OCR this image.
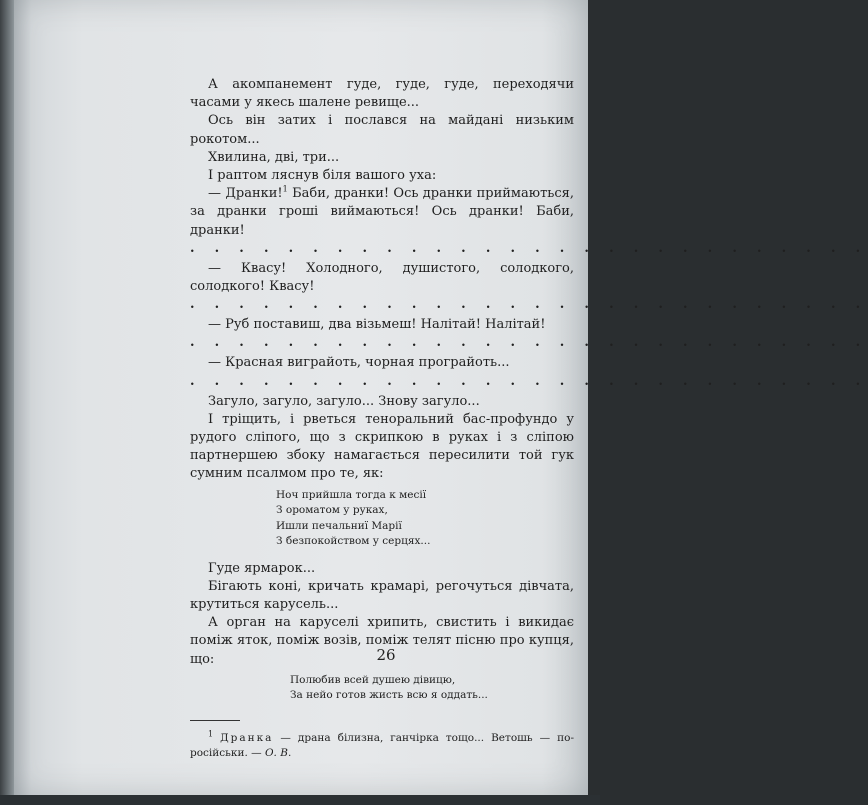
А акомпанемент гуде, гуде, гуде, переходячи часами у якесь шалене ревище...

Ось він затих і послався на майдані низьким рокотом...

Хвилина, дві, три...

І раптом ляснув біля вашого уха:

— Дранки!$^1$ Баби, дранки! Ось дранки приймаються, за дранки гроші виймаються! Ось дранки! Баби, дранки!

. . . . . . . . . . . . . . . . . . . . . . . . . . . .

— Квасу! Холодного, душистого, солодкого, солодкого! Квасу!

. . . . . . . . . . . . . . . . . . . . . . . . . . . .

— Руб поставиш, два візьмеш! Налітай! Налітай!

. . . . . . . . . . . . . . . . . . . . . . . . . . . .

— Красная виграйоть, чорная програйоть...

. . . . . . . . . . . . . . . . . . . . . . . . . . . .

Загуло, загуло, загуло... Знову загуло...

І тріщить, і рветься теноральний бас-профундо у рудого сліпого, що з скрипкою в руках і з сліпою партнершею збоку намагається пересилити той гук сумним псалмом про те, як:

Ноч прийшла тогда к месії
З ороматом у руках,
Ишли печальниї Марії
З безпокойством у серцях...

Гуде ярмарок...

Бігають коні, кричать крамарі, регочуться дівчата, крутиться карусель...

А орган на каруселі хрипить, свистить і викидає поміж яток, поміж возів, поміж телят пісню про купця, що:

Полюбив всей душею дівицю,
За нейо готов жисть всю я оддать...

$^1$ Дранка — драна білизна, ганчірка тощо... Ветошь — по-російськи. — О. В.

26
